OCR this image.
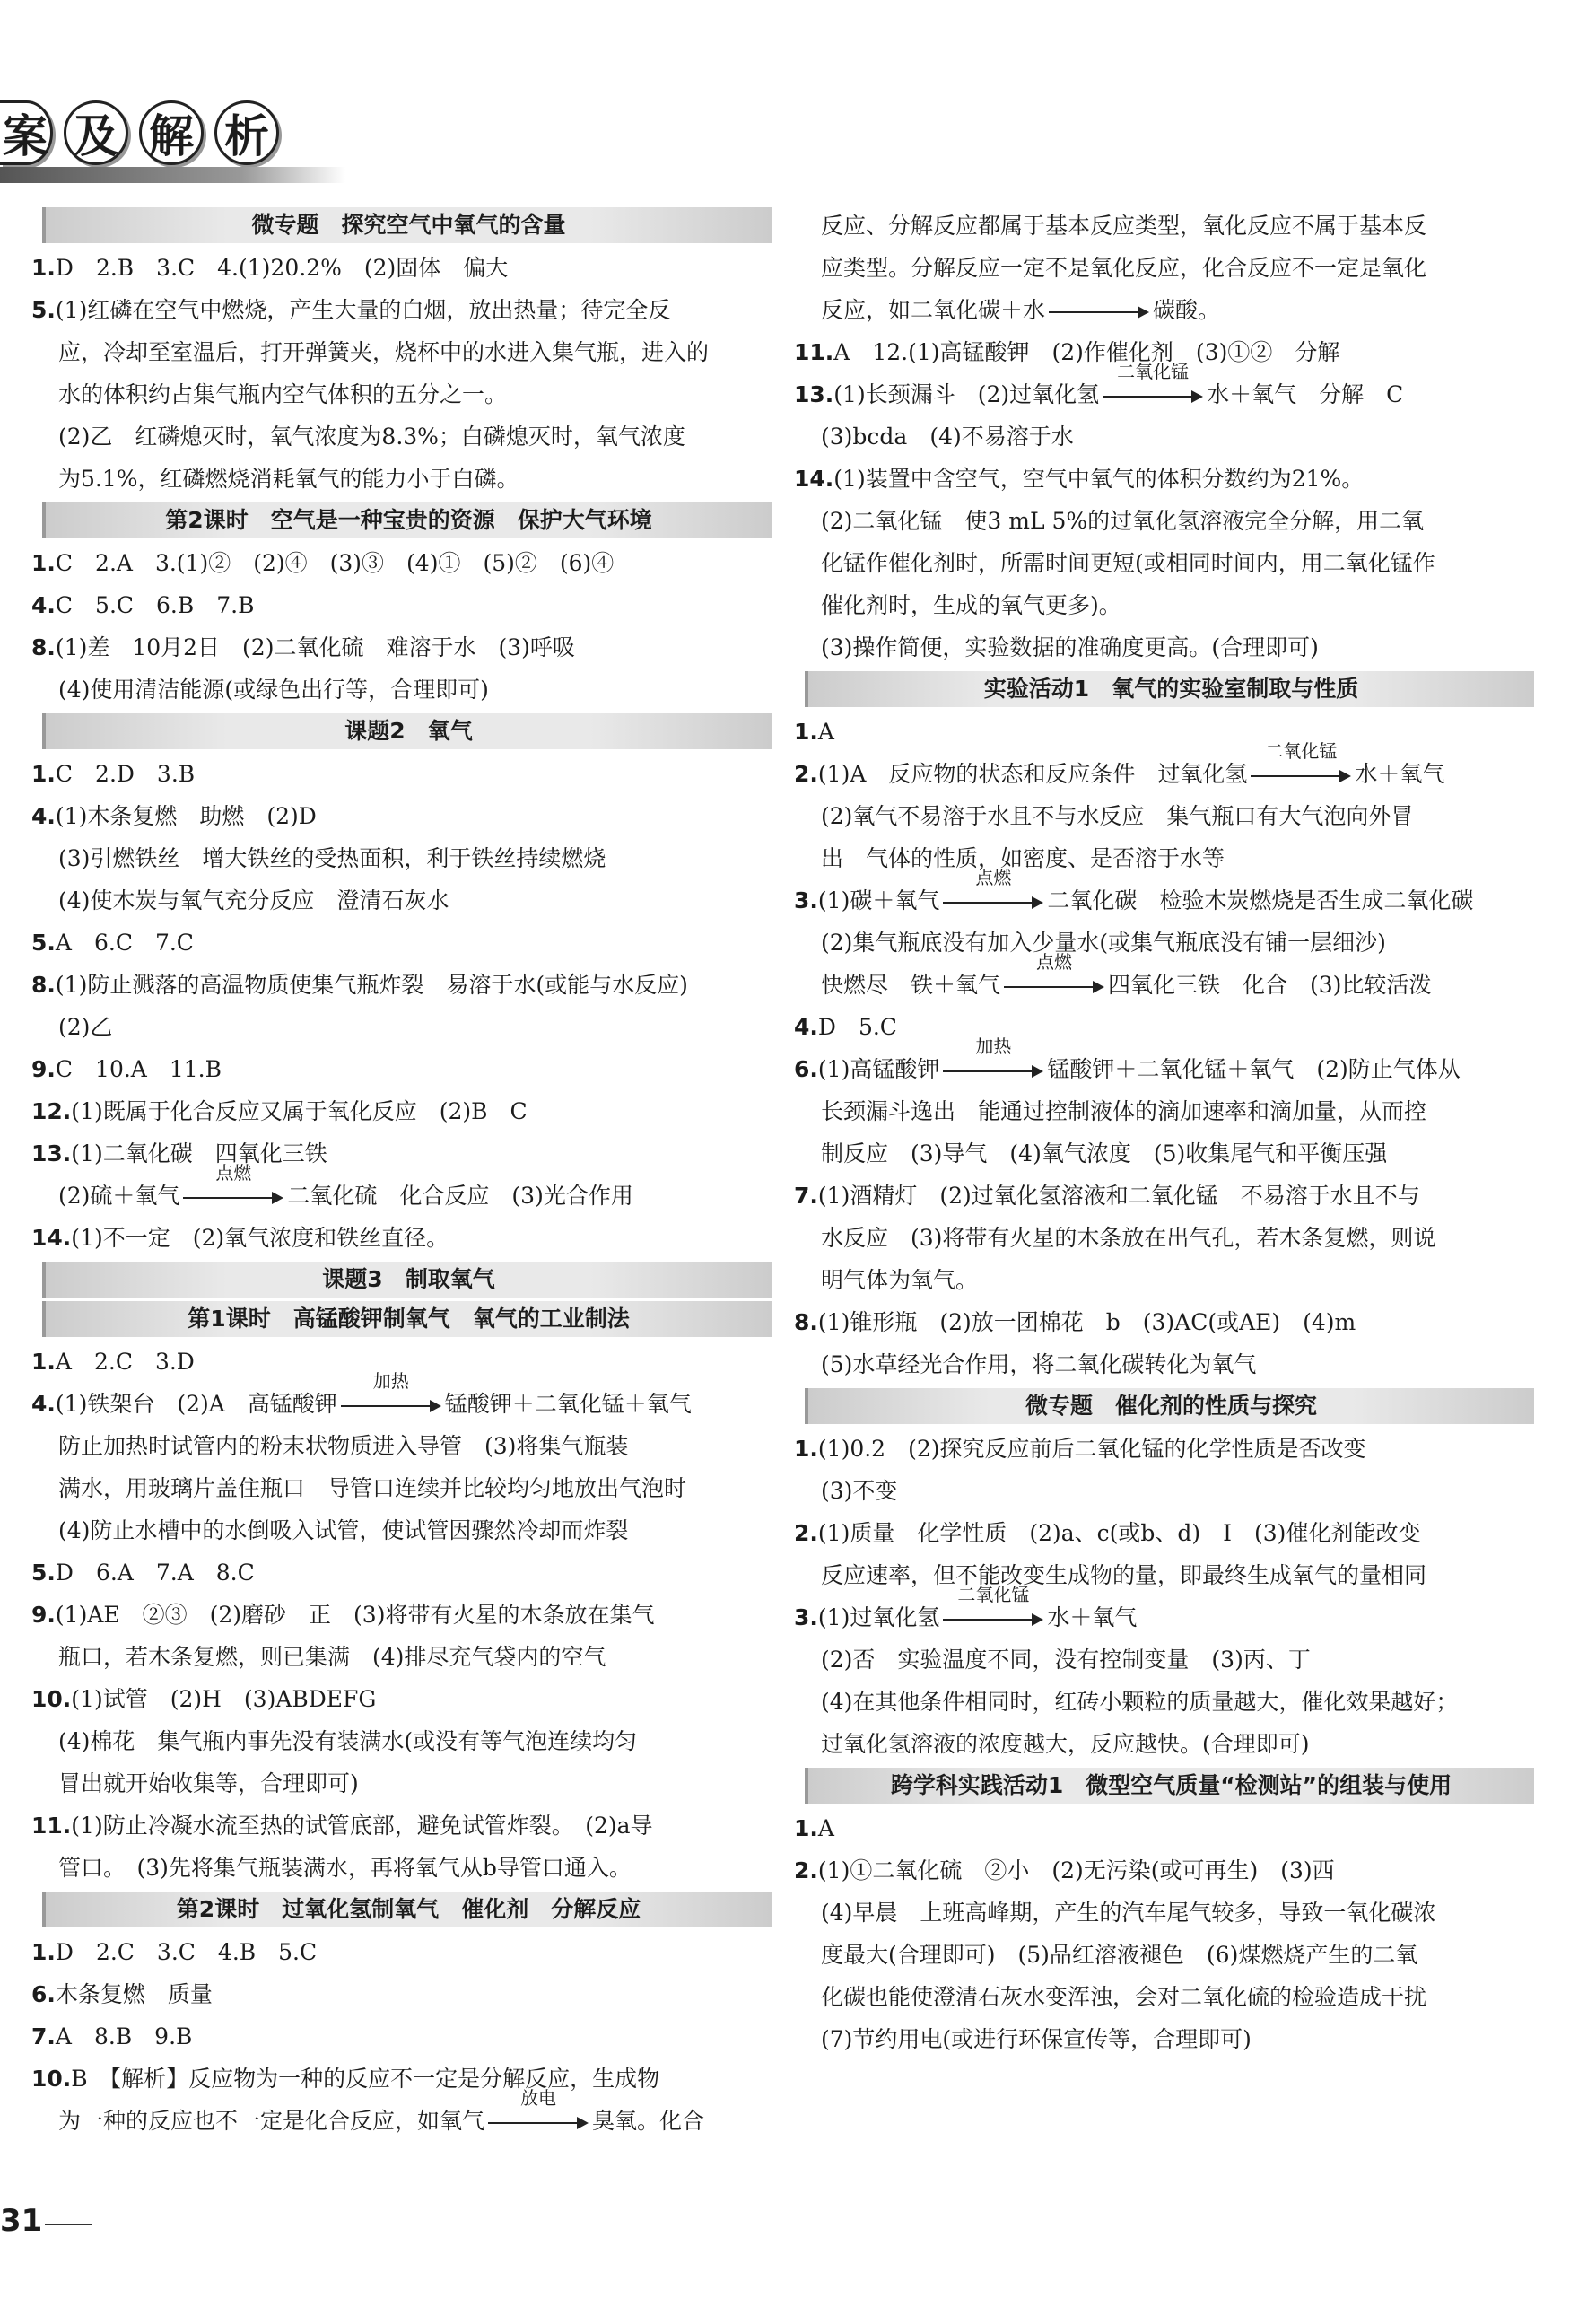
案 及 解 析
微专题　探究空气中氧气的含量
1.D　2.B　3.C　4.(1)20.2%　(2)固体　偏大
5.(1)红磷在空气中燃烧，产生大量的白烟，放出热量；待完全反
应，冷却至室温后，打开弹簧夹，烧杯中的水进入集气瓶，进入的
水的体积约占集气瓶内空气体积的五分之一。
(2)乙　红磷熄灭时，氧气浓度为8.3%；白磷熄灭时，氧气浓度
为5.1%，红磷燃烧消耗氧气的能力小于白磷。
第2课时　空气是一种宝贵的资源　保护大气环境
1.C　2.A　3.(1)②　(2)④　(3)③　(4)①　(5)②　(6)④
4.C　5.C　6.B　7.B
8.(1)差　10月2日　(2)二氧化硫　难溶于水　(3)呼吸
(4)使用清洁能源(或绿色出行等，合理即可)
课题2　氧气
1.C　2.D　3.B
4.(1)木条复燃　助燃　(2)D
(3)引燃铁丝　增大铁丝的受热面积，利于铁丝持续燃烧
(4)使木炭与氧气充分反应　澄清石灰水
5.A　6.C　7.C
8.(1)防止溅落的高温物质使集气瓶炸裂　易溶于水(或能与水反应)
(2)乙
9.C　10.A　11.B
12.(1)既属于化合反应又属于氧化反应　(2)B　C
13.(1)二氧化碳　四氧化三铁
(2)硫＋氧气
点燃
二氧化硫　化合反应　(3)光合作用
14.(1)不一定　(2)氧气浓度和铁丝直径。
课题3　制取氧气
第1课时　高锰酸钾制氧气　氧气的工业制法
1.A　2.C　3.D
4.(1)铁架台　(2)A　高锰酸钾
加热
锰酸钾＋二氧化锰＋氧气
防止加热时试管内的粉末状物质进入导管　(3)将集气瓶装
满水，用玻璃片盖住瓶口　导管口连续并比较均匀地放出气泡时
(4)防止水槽中的水倒吸入试管，使试管因骤然冷却而炸裂
5.D　6.A　7.A　8.C
9.(1)AE　②③　(2)磨砂　正　(3)将带有火星的木条放在集气
瓶口，若木条复燃，则已集满　(4)排尽充气袋内的空气
10.(1)试管　(2)H　(3)ABDEFG
(4)棉花　集气瓶内事先没有装满水(或没有等气泡连续均匀
冒出就开始收集等，合理即可)
11.(1)防止冷凝水流至热的试管底部，避免试管炸裂。　(2)a导
管口。　(3)先将集气瓶装满水，再将氧气从b导管口通入。
第2课时　过氧化氢制氧气　催化剂　分解反应
1.D　2.C　3.C　4.B　5.C
6.木条复燃　质量
7.A　8.B　9.B
10.B　【解析】反应物为一种的反应不一定是分解反应，生成物
为一种的反应也不一定是化合反应，如氧气
放电
臭氧。化合
反应、分解反应都属于基本反应类型，氧化反应不属于基本反
应类型。分解反应一定不是氧化反应，化合反应不一定是氧化
反应，如二氧化碳＋水	碳酸。
11.A　12.(1)高锰酸钾　(2)作催化剂　(3)①②　分解
13.(1)长颈漏斗　(2)过氧化氢
二氧化锰
水＋氧气　分解　C
(3)bcda　(4)不易溶于水
14.(1)装置中含空气，空气中氧气的体积分数约为21%。
(2)二氧化锰　使3 mL 5%的过氧化氢溶液完全分解，用二氧
化锰作催化剂时，所需时间更短(或相同时间内，用二氧化锰作
催化剂时，生成的氧气更多)。
(3)操作简便，实验数据的准确度更高。(合理即可)
实验活动1　氧气的实验室制取与性质
1.A
2.(1)A　反应物的状态和反应条件　过氧化氢
二氧化锰
水＋氧气
(2)氧气不易溶于水且不与水反应　集气瓶口有大气泡向外冒
出　气体的性质，如密度、是否溶于水等
3.(1)碳＋氧气
点燃
二氧化碳　检验木炭燃烧是否生成二氧化碳
(2)集气瓶底没有加入少量水(或集气瓶底没有铺一层细沙)
快燃尽　铁＋氧气
点燃
四氧化三铁　化合　(3)比较活泼
4.D　5.C
6.(1)高锰酸钾
加热
锰酸钾＋二氧化锰＋氧气　(2)防止气体从
长颈漏斗逸出　能通过控制液体的滴加速率和滴加量，从而控
制反应　(3)导气　(4)氧气浓度　(5)收集尾气和平衡压强
7.(1)酒精灯　(2)过氧化氢溶液和二氧化锰　不易溶于水且不与
水反应　(3)将带有火星的木条放在出气孔，若木条复燃，则说
明气体为氧气。
8.(1)锥形瓶　(2)放一团棉花　b　(3)AC(或AE)　(4)m
(5)水草经光合作用，将二氧化碳转化为氧气
微专题　催化剂的性质与探究
1.(1)0.2　(2)探究反应前后二氧化锰的化学性质是否改变
(3)不变
2.(1)质量　化学性质　(2)a、c(或b、d)　Ⅰ　(3)催化剂能改变
反应速率，但不能改变生成物的量，即最终生成氧气的量相同
3.(1)过氧化氢
二氧化锰
水＋氧气
(2)否　实验温度不同，没有控制变量　(3)丙、丁
(4)在其他条件相同时，红砖小颗粒的质量越大，催化效果越好；
过氧化氢溶液的浓度越大，反应越快。(合理即可)
跨学科实践活动1　微型空气质量“检测站”的组装与使用
1.A
2.(1)①二氧化硫　②小　(2)无污染(或可再生)　(3)西
(4)早晨　上班高峰期，产生的汽车尾气较多，导致一氧化碳浓
度最大(合理即可)　(5)品红溶液褪色　(6)煤燃烧产生的二氧
化碳也能使澄清石灰水变浑浊，会对二氧化硫的检验造成干扰
(7)节约用电(或进行环保宣传等，合理即可)
31
